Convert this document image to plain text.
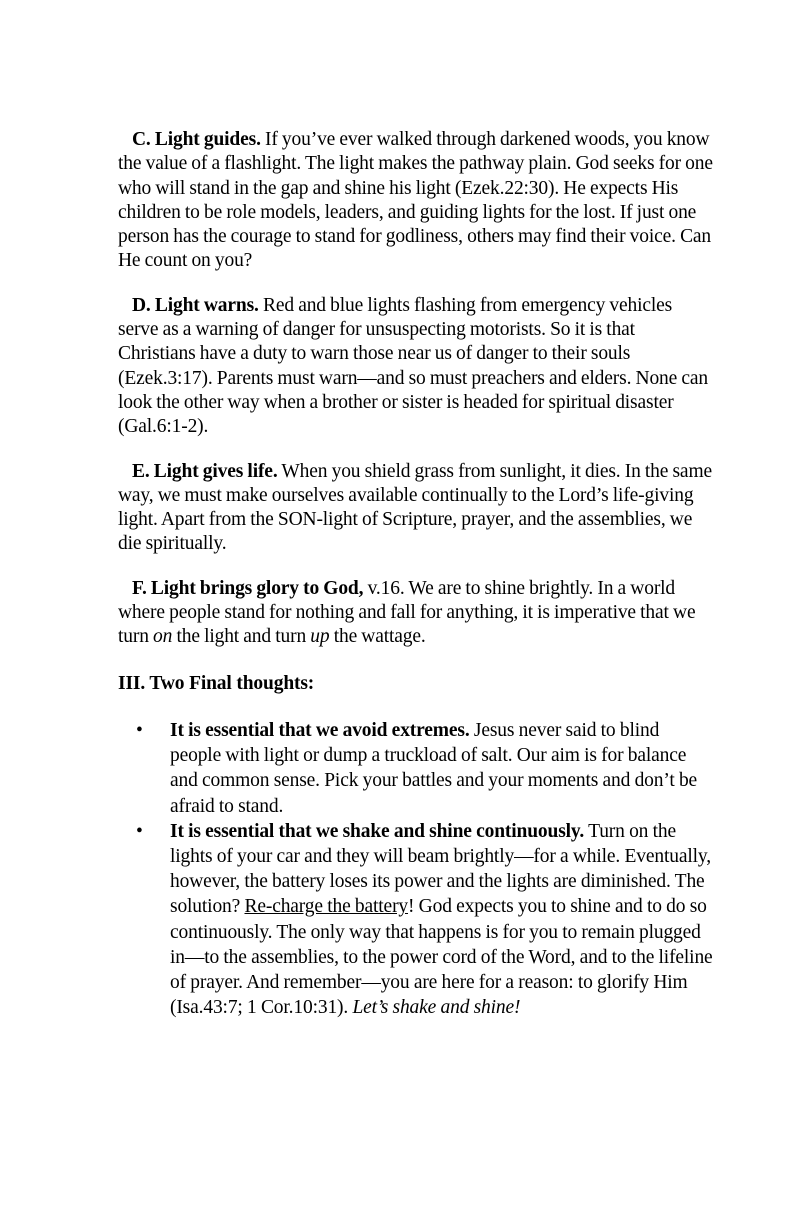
C. Light guides. If you’ve ever walked through darkened woods, you know the value of a flashlight. The light makes the pathway plain. God seeks for one who will stand in the gap and shine his light (Ezek.22:30). He expects His children to be role models, leaders, and guiding lights for the lost. If just one person has the courage to stand for godliness, others may find their voice. Can He count on you?

D. Light warns. Red and blue lights flashing from emergency vehicles serve as a warning of danger for unsuspecting motorists. So it is that Christians have a duty to warn those near us of danger to their souls (Ezek.3:17). Parents must warn—and so must preachers and elders. None can look the other way when a brother or sister is headed for spiritual disaster (Gal.6:1-2).

E. Light gives life. When you shield grass from sunlight, it dies. In the same way, we must make ourselves available continually to the Lord’s life-giving light. Apart from the SON-light of Scripture, prayer, and the assemblies, we die spiritually.

F. Light brings glory to God, v.16. We are to shine brightly. In a world where people stand for nothing and fall for anything, it is imperative that we turn on the light and turn up the wattage.

III. Two Final thoughts:

• It is essential that we avoid extremes. Jesus never said to blind people with light or dump a truckload of salt. Our aim is for balance and common sense. Pick your battles and your moments and don’t be afraid to stand.
• It is essential that we shake and shine continuously. Turn on the lights of your car and they will beam brightly—for a while. Eventually, however, the battery loses its power and the lights are diminished. The solution? Re-charge the battery! God expects you to shine and to do so continuously. The only way that happens is for you to remain plugged in—to the assemblies, to the power cord of the Word, and to the lifeline of prayer. And remember—you are here for a reason: to glorify Him (Isa.43:7; 1 Cor.10:31). Let’s shake and shine!
